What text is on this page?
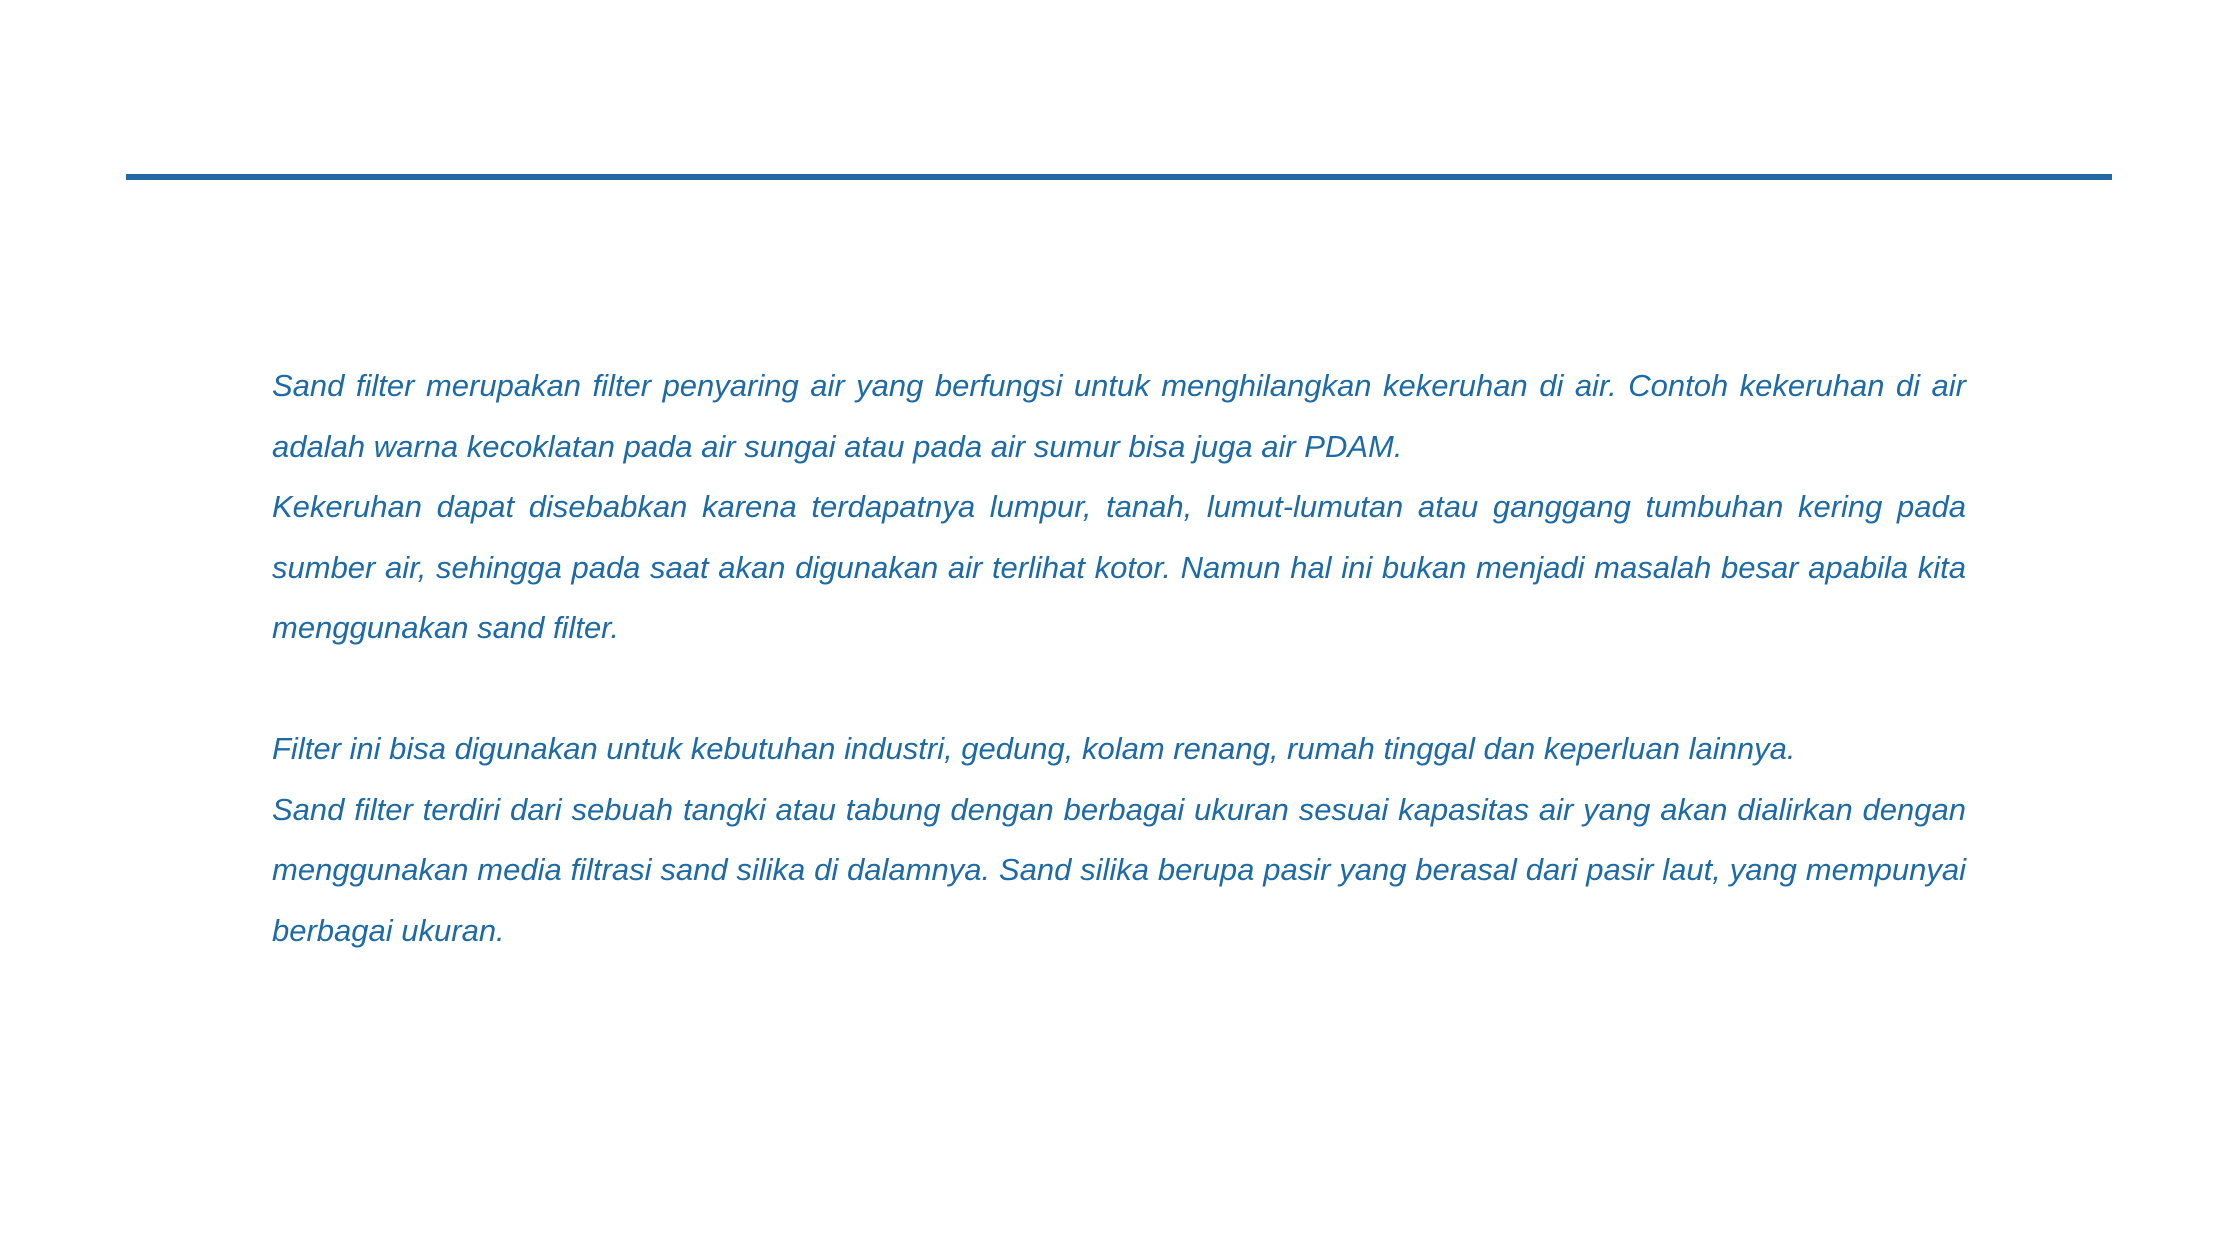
Sand filter merupakan filter penyaring air yang berfungsi untuk menghilangkan kekeruhan di air. Contoh kekeruhan di air adalah warna kecoklatan pada air sungai atau pada air sumur bisa juga air PDAM.

Kekeruhan dapat disebabkan karena terdapatnya lumpur, tanah, lumut-lumutan atau ganggang tumbuhan kering pada sumber air, sehingga pada saat akan digunakan air terlihat kotor. Namun hal ini bukan menjadi masalah besar apabila kita menggunakan sand filter.

Filter ini bisa digunakan untuk kebutuhan industri, gedung, kolam renang, rumah tinggal dan keperluan lainnya.

Sand filter terdiri dari sebuah tangki atau tabung dengan berbagai ukuran sesuai kapasitas air yang akan dialirkan dengan menggunakan media filtrasi sand silika di dalamnya. Sand silika berupa pasir yang berasal dari pasir laut, yang mempunyai berbagai ukuran.
